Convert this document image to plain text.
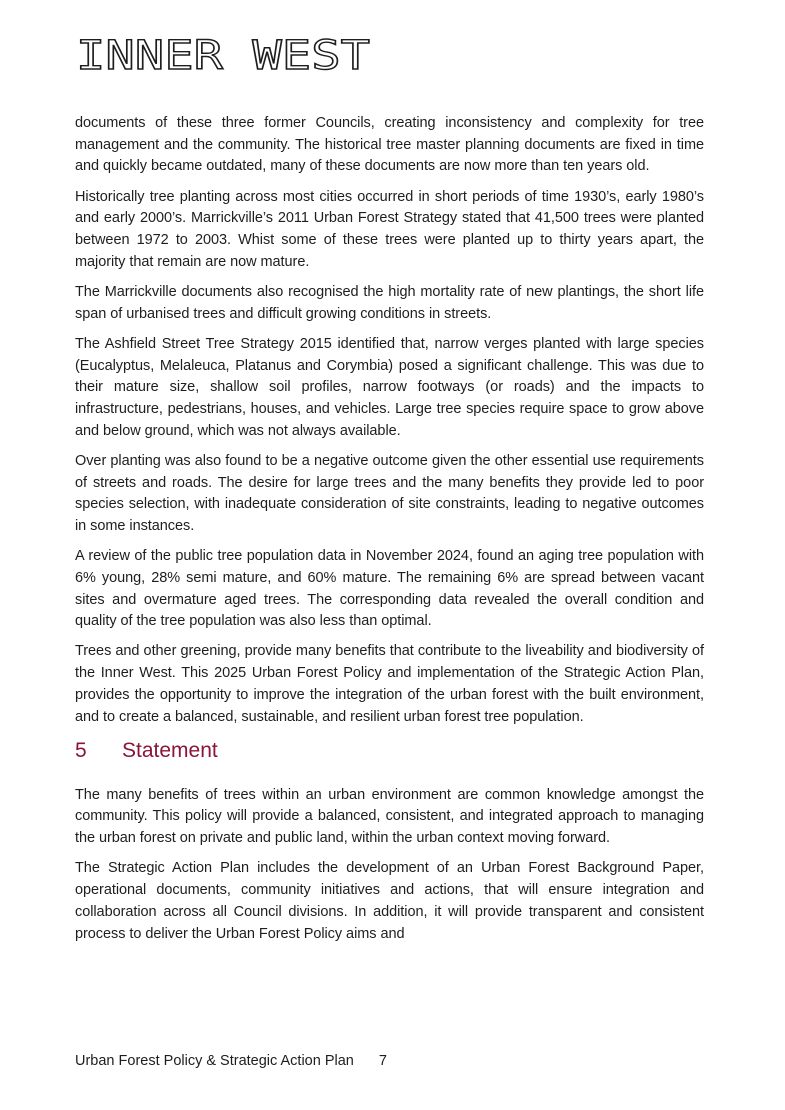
INNER WEST

documents of these three former Councils, creating inconsistency and complexity for tree management and the community. The historical tree master planning documents are fixed in time and quickly became outdated, many of these documents are now more than ten years old.

Historically tree planting across most cities occurred in short periods of time 1930’s, early 1980’s and early 2000’s. Marrickville’s 2011 Urban Forest Strategy stated that 41,500 trees were planted between 1972 to 2003. Whist some of these trees were planted up to thirty years apart, the majority that remain are now mature.

The Marrickville documents also recognised the high mortality rate of new plantings, the short life span of urbanised trees and difficult growing conditions in streets.

The Ashfield Street Tree Strategy 2015 identified that, narrow verges planted with large species (Eucalyptus, Melaleuca, Platanus and Corymbia) posed a significant challenge. This was due to their mature size, shallow soil profiles, narrow footways (or roads) and the impacts to infrastructure, pedestrians, houses, and vehicles. Large tree species require space to grow above and below ground, which was not always available.

Over planting was also found to be a negative outcome given the other essential use requirements of streets and roads. The desire for large trees and the many benefits they provide led to poor species selection, with inadequate consideration of site constraints, leading to negative outcomes in some instances.

A review of the public tree population data in November 2024, found an aging tree population with 6% young, 28% semi mature, and 60% mature. The remaining 6% are spread between vacant sites and overmature aged trees. The corresponding data revealed the overall condition and quality of the tree population was also less than optimal.

Trees and other greening, provide many benefits that contribute to the liveability and biodiversity of the Inner West. This 2025 Urban Forest Policy and implementation of the Strategic Action Plan, provides the opportunity to improve the integration of the urban forest with the built environment, and to create a balanced, sustainable, and resilient urban forest tree population.

5	Statement

The many benefits of trees within an urban environment are common knowledge amongst the community. This policy will provide a balanced, consistent, and integrated approach to managing the urban forest on private and public land, within the urban context moving forward.

The Strategic Action Plan includes the development of an Urban Forest Background Paper, operational documents, community initiatives and actions, that will ensure integration and collaboration across all Council divisions. In addition, it will provide transparent and consistent process to deliver the Urban Forest Policy aims and

Urban Forest Policy & Strategic Action Plan 7
